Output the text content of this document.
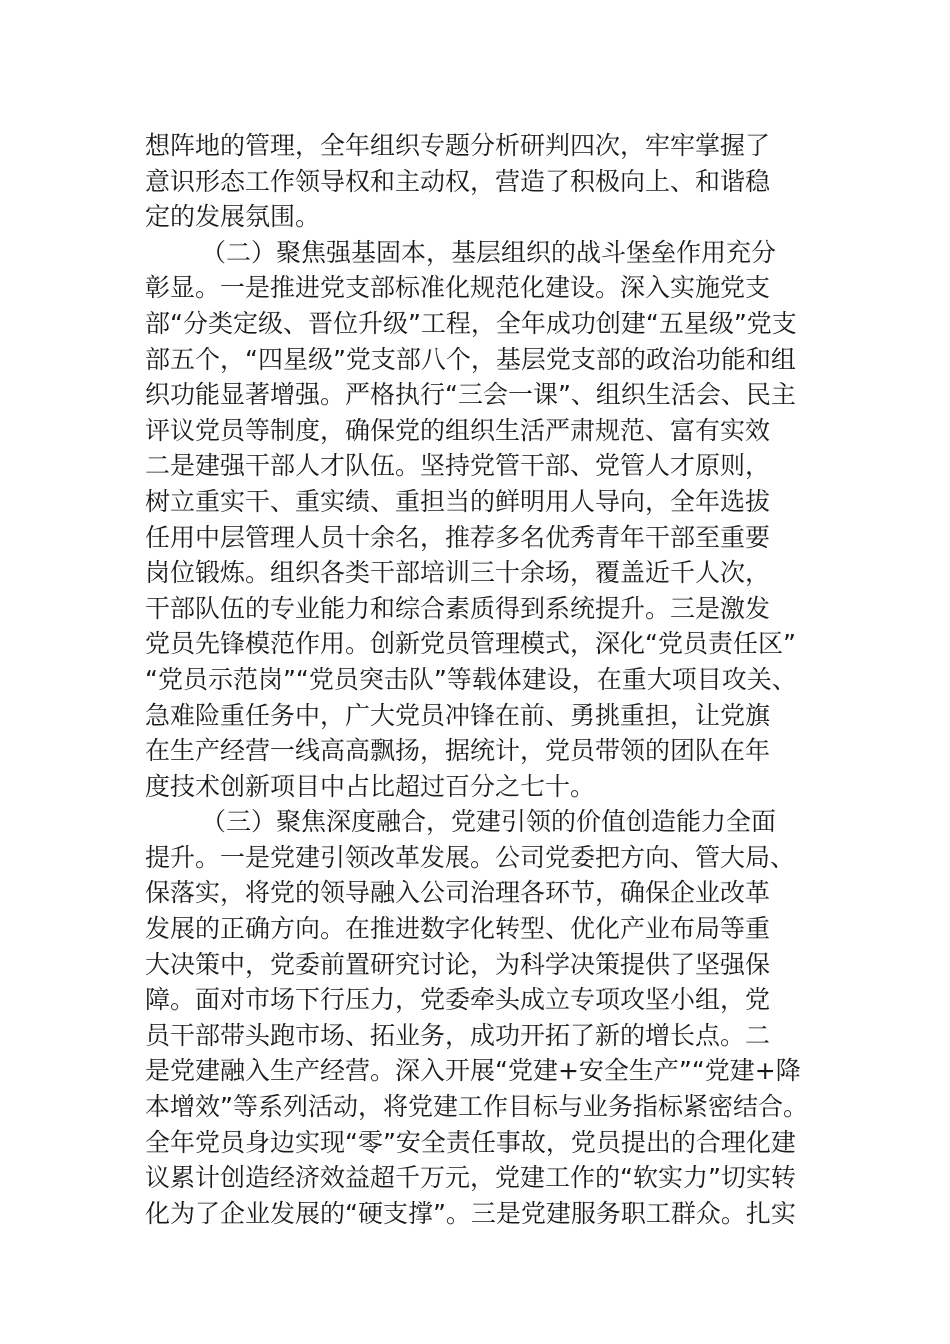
想阵地的管理，全年组织专题分析研判四次，牢牢掌握了
意识形态工作领导权和主动权，营造了积极向上、和谐稳
定的发展氛围。
（二）聚焦强基固本，基层组织的战斗堡垒作用充分
彰显。一是推进党支部标准化规范化建设。深入实施党支
部“分类定级、晋位升级”工程，全年成功创建“五星级”党支
部五个，“四星级”党支部八个，基层党支部的政治功能和组
织功能显著增强。严格执行“三会一课”、组织生活会、民主
评议党员等制度，确保党的组织生活严肃规范、富有实效
二是建强干部人才队伍。坚持党管干部、党管人才原则，
树立重实干、重实绩、重担当的鲜明用人导向，全年选拔
任用中层管理人员十余名，推荐多名优秀青年干部至重要
岗位锻炼。组织各类干部培训三十余场，覆盖近千人次，
干部队伍的专业能力和综合素质得到系统提升。三是激发
党员先锋模范作用。创新党员管理模式，深化“党员责任区”
“党员示范岗”“党员突击队”等载体建设，在重大项目攻关、
急难险重任务中，广大党员冲锋在前、勇挑重担，让党旗
在生产经营一线高高飘扬，据统计，党员带领的团队在年
度技术创新项目中占比超过百分之七十。
（三）聚焦深度融合，党建引领的价值创造能力全面
提升。一是党建引领改革发展。公司党委把方向、管大局、
保落实，将党的领导融入公司治理各环节，确保企业改革
发展的正确方向。在推进数字化转型、优化产业布局等重
大决策中，党委前置研究讨论，为科学决策提供了坚强保
障。面对市场下行压力，党委牵头成立专项攻坚小组，党
员干部带头跑市场、拓业务，成功开拓了新的增长点。二
是党建融入生产经营。深入开展“党建+安全生产”“党建+降
本增效”等系列活动，将党建工作目标与业务指标紧密结合。
全年党员身边实现“零”安全责任事故，党员提出的合理化建
议累计创造经济效益超千万元，党建工作的“软实力”切实转
化为了企业发展的“硬支撑”。三是党建服务职工群众。扎实
